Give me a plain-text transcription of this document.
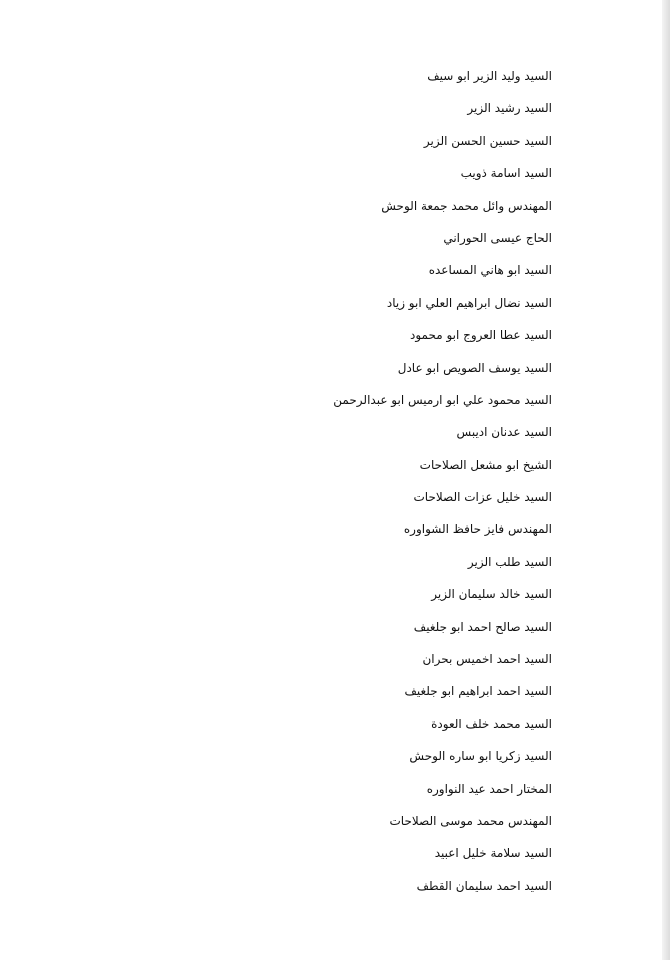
السيد وليد الزير ابو سيف
السيد رشيد الزير
السيد حسين الحسن الزير
السيد اسامة ذويب
المهندس وائل محمد جمعة الوحش
الحاج عيسى الحوراني
السيد ابو هاني المساعده
السيد نضال ابراهيم العلي ابو زياد
السيد عطا العروج ابو محمود
السيد يوسف الصويص ابو عادل
السيد محمود علي ابو ارميس ابو عبدالرحمن
السيد عدنان اديبس
الشيخ ابو مشعل الصلاحات
السيد خليل عزات الصلاحات
المهندس فايز حافظ الشواوره
السيد طلب الزير
السيد خالد سليمان الزير
السيد صالح احمد ابو جلغيف
السيد احمد اخميس بحران
السيد احمد ابراهيم ابو جلغيف
السيد محمد خلف العودة
السيد زكريا ابو ساره الوحش
المختار احمد عيد النواوره
المهندس محمد موسى الصلاحات
السيد سلامة خليل اعبيد
السيد احمد سليمان القطف
